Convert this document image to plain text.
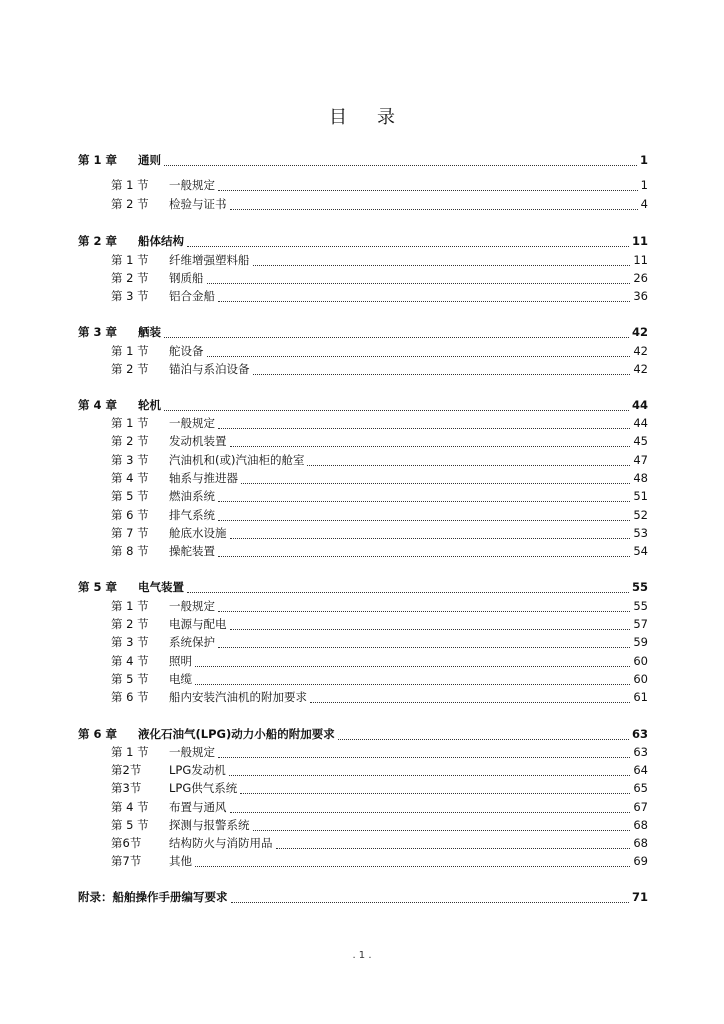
目 录
第 1 章 通则	1
第 1 节 一般规定	1
第 2 节 检验与证书	4
第 2 章 船体结构	11
第 1 节 纤维增强塑料船	11
第 2 节 钢质船	26
第 3 节 铝合金船	36
第 3 章 舾装	42
第 1 节 舵设备	42
第 2 节 锚泊与系泊设备	42
第 4 章 轮机	44
第 1 节 一般规定	44
第 2 节 发动机装置	45
第 3 节 汽油机和(或)汽油柜的舱室	47
第 4 节 轴系与推进器	48
第 5 节 燃油系统	51
第 6 节 排气系统	52
第 7 节 舱底水设施	53
第 8 节 操舵装置	54
第 5 章 电气装置	55
第 1 节 一般规定	55
第 2 节 电源与配电	57
第 3 节 系统保护	59
第 4 节 照明	60
第 5 节 电缆	60
第 6 节 船内安装汽油机的附加要求	61
第 6 章 液化石油气(LPG)动力小船的附加要求	63
第 1 节 一般规定	63
第2节 LPG发动机	64
第3节 LPG供气系统	65
第 4 节 布置与通风	67
第 5 节 探测与报警系统	68
第6节 结构防火与消防用品	68
第7节 其他	69
附录：船舶操作手册编写要求	71
. 1 .
